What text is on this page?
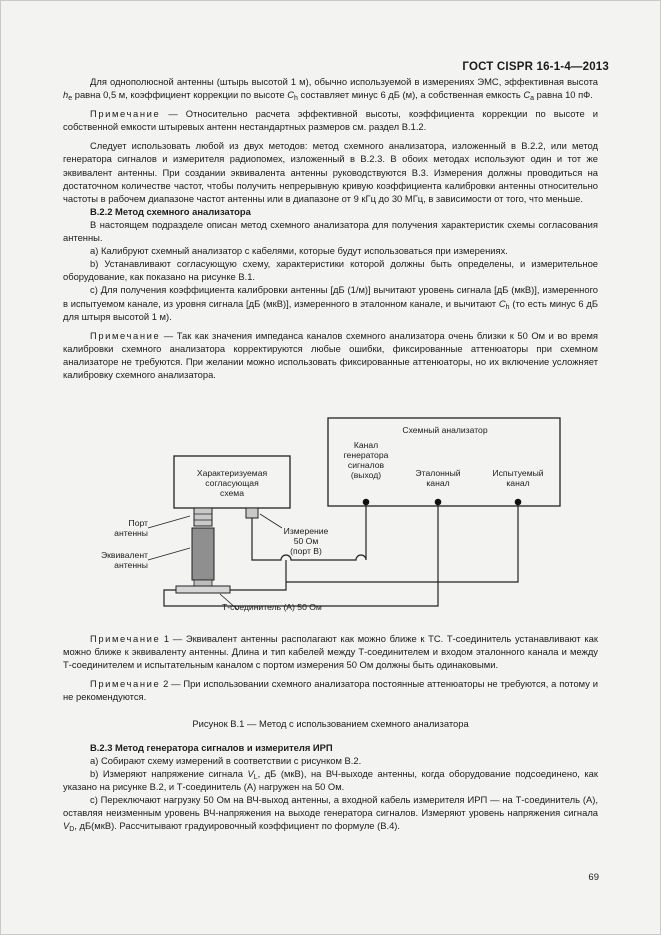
ГОСТ CISPR 16-1-4—2013

Для однополюсной антенны (штырь высотой 1 м), обычно используемой в измерениях ЭМС, эффективная высота $h_e$ равна 0,5 м, коэффициент коррекции по высоте $C_h$ составляет минус 6 дБ (м), а собственная емкость $C_a$ равна 10 пФ.

Примечание — Относительно расчета эффективной высоты, коэффициента коррекции по высоте и собственной емкости штыревых антенн нестандартных размеров см. раздел В.1.2.

Следует использовать любой из двух методов: метод схемного анализатора, изложенный в В.2.2, или метод генератора сигналов и измерителя радиопомех, изложенный в В.2.3. В обоих методах используют один и тот же эквивалент антенны. При создании эквивалента антенны руководствуются В.3. Измерения должны проводиться на достаточном количестве частот, чтобы получить непрерывную кривую коэффициента калибровки антенны относительно частоты в рабочем диапазоне частот антенны или в диапазоне от 9 кГц до 30 МГц, в зависимости от того, что меньше.

В.2.2 Метод схемного анализатора

В настоящем подразделе описан метод схемного анализатора для получения характеристик схемы согласования антенны.

a) Калибруют схемный анализатор с кабелями, которые будут использоваться при измерениях.

b) Устанавливают согласующую схему, характеристики которой должны быть определены, и измерительное оборудование, как показано на рисунке В.1.

c) Для получения коэффициента калибровки антенны [дБ (1/м)] вычитают уровень сигнала [дБ (мкВ)], измеренного в испытуемом канале, из уровня сигнала [дБ (мкВ)], измеренного в эталонном канале, и вычитают $C_h$ (то есть минус 6 дБ для штыря высотой 1 м).

Примечание — Так как значения импеданса каналов схемного анализатора очень близки к 50 Ом и во время калибровки схемного анализатора корректируются любые ошибки, фиксированные аттенюаторы при схемном анализаторе не требуются. При желании можно использовать фиксированные аттенюаторы, но их включение усложняет калибровку схемного анализатора.

Схемный анализатор
Канал
генератора
сигналов
(выход)	Эталонный
канал
Испытуемый
канал
Характеризуемая
согласующая
схема
Порт
антенны
Эквивалент
антенны
Измерение
50 Ом
(порт В)
Т-соединитель (А) 50 Ом

Примечание 1 — Эквивалент антенны располагают как можно ближе к ТС. Т-соединитель устанавливают как можно ближе к эквиваленту антенны. Длина и тип кабелей между Т-соединителем и входом эталонного канала и между Т-соединителем и испытательным каналом с портом измерения 50 Ом должны быть одинаковыми.

Примечание 2 — При использовании схемного анализатора постоянные аттенюаторы не требуются, а потому и не рекомендуются.

Рисунок В.1 — Метод с использованием схемного анализатора

В.2.3 Метод генератора сигналов и измерителя ИРП

a) Собирают схему измерений в соответствии с рисунком В.2.

b) Измеряют напряжение сигнала $V_L$, дБ (мкВ), на ВЧ-выходе антенны, когда оборудование подсоединено, как указано на рисунке В.2, и Т-соединитель (А) нагружен на 50 Ом.

c) Переключают нагрузку 50 Ом на ВЧ-выход антенны, а входной кабель измерителя ИРП — на Т-соединитель (А), оставляя неизменным уровень ВЧ-напряжения на выходе генератора сигналов. Измеряют уровень напряжения сигнала $V_D$, дБ(мкВ). Рассчитывают градуировочный коэффициент по формуле (В.4).

69
